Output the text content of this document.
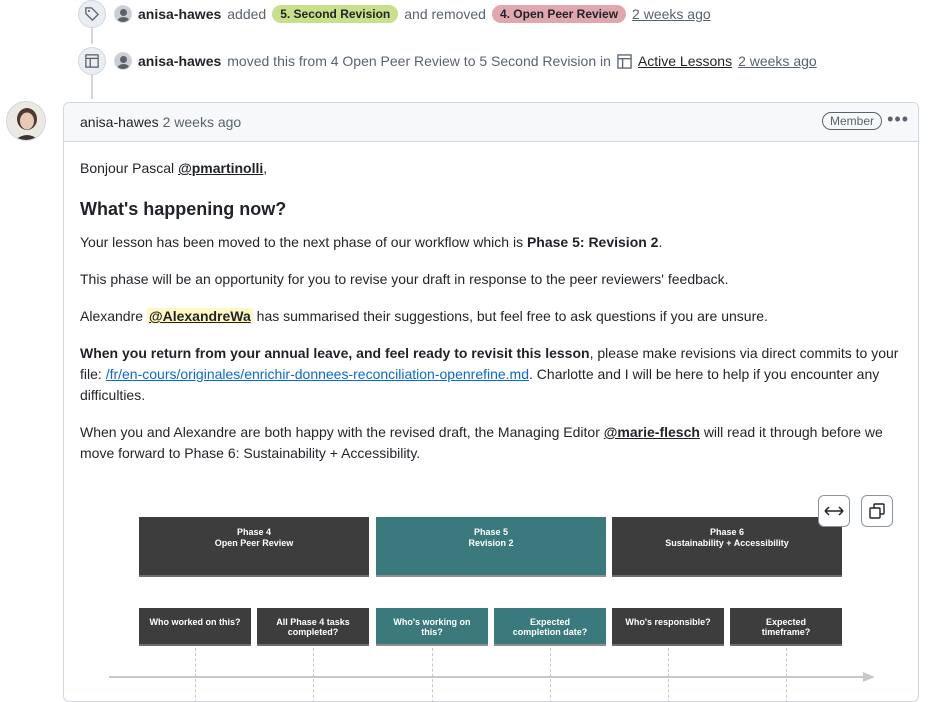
anisa-hawes added	5. Second Revision	and removed	4. Open Peer Review	2 weeks ago
anisa-hawes moved this from 4 Open Peer Review to 5 Second Revision in Active Lessons 2 weeks ago
anisa-hawes 2 weeks ago	Member •••

Bonjour Pascal @pmartinolli,

What's happening now?

Your lesson has been moved to the next phase of our workflow which is Phase 5: Revision 2.

This phase will be an opportunity for you to revise your draft in response to the peer reviewers' feedback.

Alexandre @AlexandreWa has summarised their suggestions, but feel free to ask questions if you are unsure.

When you return from your annual leave, and feel ready to revisit this lesson, please make revisions via direct commits to your file: /fr/en-cours/originales/enrichir-donnees-reconciliation-openrefine.md. Charlotte and I will be here to help if you encounter any difficulties.

When you and Alexandre are both happy with the revised draft, the Managing Editor @marie-flesch will read it through before we move forward to Phase 6: Sustainability + Accessibility.

Phase 4
Open Peer Review
Phase 5
Revision 2
Phase 6
Sustainability + Accessibility
Who worked on this?	All Phase 4 tasks
completed?
Who's working on
this?
Expected
completion date?
Who's responsible?	Expected
timeframe?
